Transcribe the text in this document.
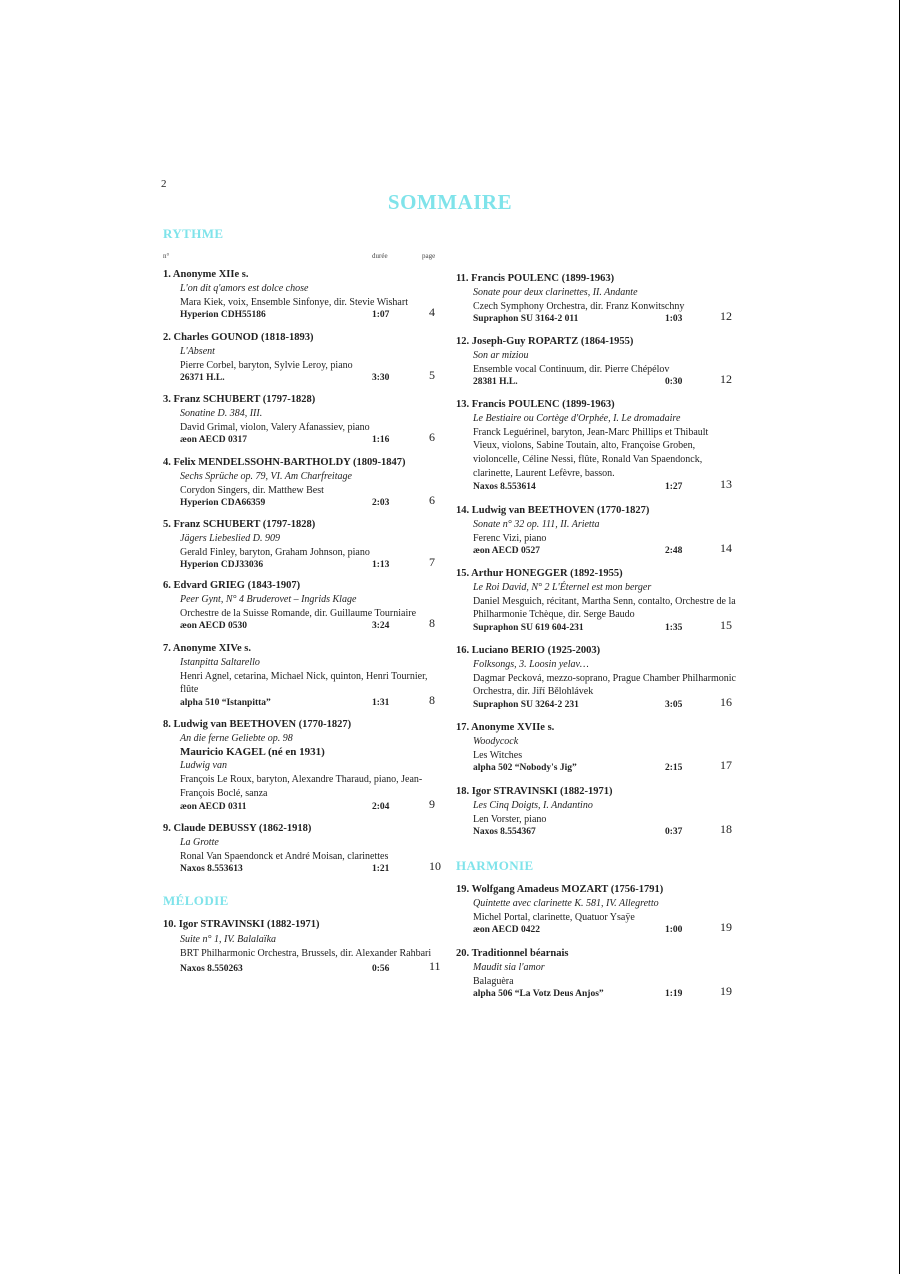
2
SOMMAIRE
RYTHME
n°	durée	page
MÉLODIE
1. Anonyme XIIe s.
L'on dit q'amors est dolce chose
Mara Kiek, voix, Ensemble Sinfonye, dir. Stevie Wishart
Hyperion CDH55186	1:07	4
2. Charles GOUNOD (1818-1893)
L'Absent
Pierre Corbel, baryton, Sylvie Leroy, piano
26371 H.L.	3:30	5
3. Franz SCHUBERT (1797-1828)
Sonatine D. 384, III.
David Grimal, violon, Valery Afanassiev, piano
æon AECD 0317	1:16	6
4. Felix MENDELSSOHN-BARTHOLDY (1809-1847)
Sechs Sprüche op. 79, VI. Am Charfreitage
Corydon Singers, dir. Matthew Best
Hyperion CDA66359	2:03	6
5. Franz SCHUBERT (1797-1828)
Jägers Liebeslied D. 909
Gerald Finley, baryton, Graham Johnson, piano
Hyperion CDJ33036	1:13	7
6. Edvard GRIEG (1843-1907)
Peer Gynt, N° 4 Bruderovet – Ingrids Klage
Orchestre de la Suisse Romande, dir. Guillaume Tourniaire
æon AECD 0530	3:24	8
7. Anonyme XIVe s.
Istanpitta Saltarello
Henri Agnel, cetarina, Michael Nick, quinton, Henri Tournier, flûte
alpha 510 “Istanpitta”	1:31	8
8. Ludwig van BEETHOVEN (1770-1827)
An die ferne Geliebte op. 98
Mauricio KAGEL (né en 1931)
Ludwig van
François Le Roux, baryton, Alexandre Tharaud, piano, Jean-François Boclé, sanza
æon AECD 0311	2:04	9
9. Claude DEBUSSY (1862-1918)
La Grotte
Ronal Van Spaendonck et André Moisan, clarinettes
Naxos 8.553613	1:21	10
10. Igor STRAVINSKI (1882-1971)
Suite n° 1, IV. Balalaïka
BRT Philharmonic Orchestra, Brussels, dir. Alexander Rahbari
Naxos 8.550263	0:56	11
HARMONIE
11. Francis POULENC (1899-1963)
Sonate pour deux clarinettes, II. Andante
Czech Symphony Orchestra, dir. Franz Konwitschny
Supraphon SU 3164-2 011	1:03	12
12. Joseph-Guy ROPARTZ (1864-1955)
Son ar miziou
Ensemble vocal Continuum, dir. Pierre Chépélov
28381 H.L.	0:30	12
13. Francis POULENC (1899-1963)
Le Bestiaire ou Cortège d'Orphée, I. Le dromadaire
Franck Leguérinel, baryton, Jean-Marc Phillips et Thibault Vieux, violons, Sabine Toutain, alto, Françoise Groben, violoncelle, Céline Nessi, flûte, Ronald Van Spaendonck, clarinette, Laurent Lefèvre, basson.
Naxos 8.553614	1:27	13
14. Ludwig van BEETHOVEN (1770-1827)
Sonate n° 32 op. 111, II. Arietta
Ferenc Vizi, piano
æon AECD 0527	2:48	14
15. Arthur HONEGGER (1892-1955)
Le Roi David, N° 2 L'Éternel est mon berger
Daniel Mesguich, récitant, Martha Senn, contalto, Orchestre de la Philharmonie Tchèque, dir. Serge Baudo
Supraphon SU 619 604-231	1:35	15
16. Luciano BERIO (1925-2003)
Folksongs, 3. Loosin yelav…
Dagmar Pecková, mezzo-soprano, Prague Chamber Philharmonic Orchestra, dir. Jiří Bělohlávek
Supraphon SU 3264-2 231	3:05	16
17. Anonyme XVIIe s.
Woodycock
Les Witches
alpha 502 “Nobody's Jig”	2:15	17
18. Igor STRAVINSKI (1882-1971)
Les Cinq Doigts, I. Andantino
Len Vorster, piano
Naxos 8.554367	0:37	18
19. Wolfgang Amadeus MOZART (1756-1791)
Quintette avec clarinette K. 581, IV. Allegretto
Michel Portal, clarinette, Quatuor Ysaÿe
æon AECD 0422	1:00	19
20. Traditionnel béarnais
Maudit sia l'amor
Balaguèra
alpha 506 “La Votz Deus Anjos”	1:19	19
